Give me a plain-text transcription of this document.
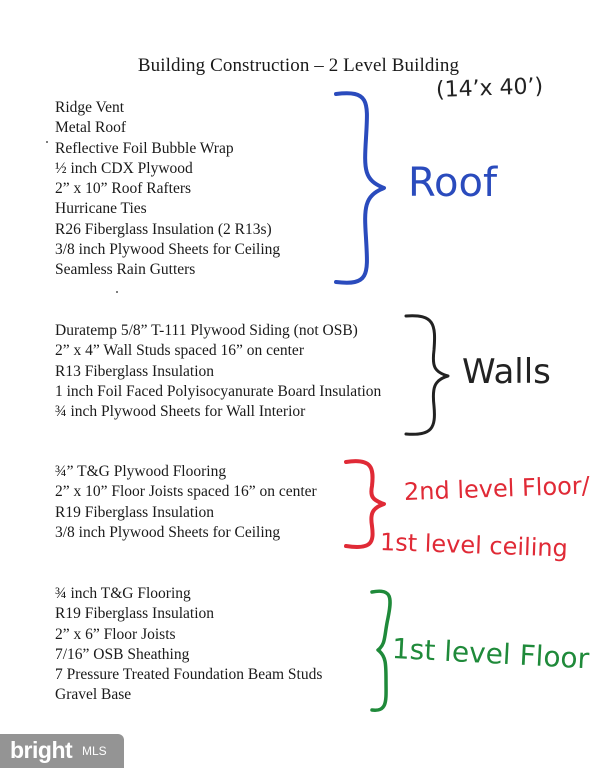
Building Construction – 2 Level Building
(14’x 40’)
Ridge Vent
Metal Roof
Reflective Foil Bubble Wrap
½ inch CDX Plywood
2” x 10” Roof Rafters
Hurricane Ties
R26 Fiberglass Insulation (2 R13s)
3/8 inch Plywood Sheets for Ceiling
Seamless Rain Gutters
Roof
Duratemp 5/8” T-111 Plywood Siding (not OSB)
2” x 4” Wall Studs spaced 16” on center
R13 Fiberglass Insulation
1 inch Foil Faced Polyisocyanurate Board Insulation
¾ inch Plywood Sheets for Wall Interior
Walls
¾” T&G Plywood Flooring
2” x 10” Floor Joists spaced 16” on center
R19 Fiberglass Insulation
3/8 inch Plywood Sheets for Ceiling
2nd level Floor/
1st level ceiling
¾ inch T&G Flooring
R19 Fiberglass Insulation
2” x 6” Floor Joists
7/16” OSB Sheathing
7 Pressure Treated Foundation Beam Studs
Gravel Base
1st level Floor
bright MLS
